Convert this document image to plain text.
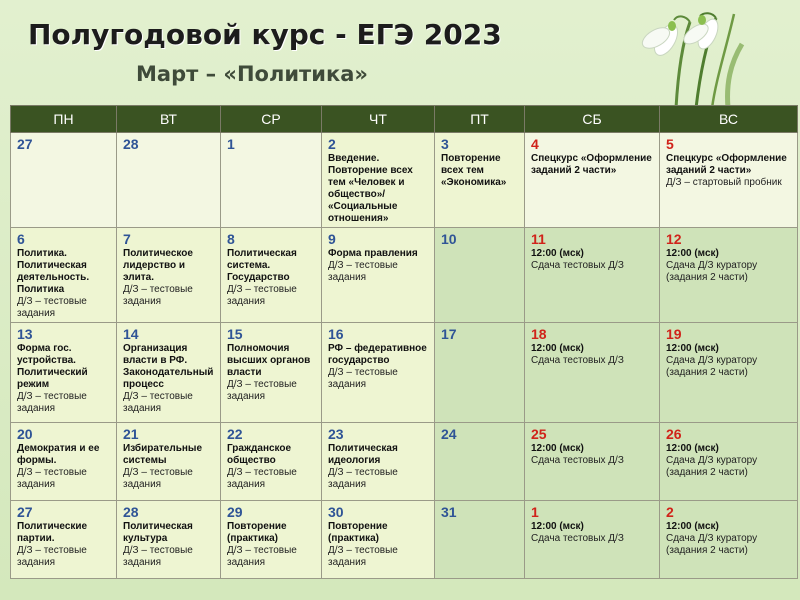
Полугодовой курс - ЕГЭ 2023
Март – «Политика»
ПН	ВТ	СР	ЧТ	ПТ	СБ	ВС

27	28	1	2
Введение. Повторение всех тем «Человек и общество»/ «Социальные отношения»	3
Повторение всех тем «Экономика»	4
Спецкурс «Оформление заданий 2 части»	5
Спецкурс «Оформление заданий 2 части»
Д/З – стартовый пробник

6
Политика. Политическая деятельность. Политика
Д/З – тестовые задания	7
Политическое лидерство и элита.
Д/З – тестовые задания	8
Политическая система. Государство
Д/З – тестовые задания	9
Форма правления
Д/З – тестовые задания	10	11
12:00 (мск)
Сдача тестовых Д/З	12
12:00 (мск)
Сдача Д/З куратору (задания 2 части)

13
Форма гос. устройства. Политический режим
Д/З – тестовые задания	14
Организация власти в РФ. Законодательный процесс
Д/З – тестовые задания	15
Полномочия высших органов власти
Д/З – тестовые задания	16
РФ – федеративное государство
Д/З – тестовые задания	17	18
12:00 (мск)
Сдача тестовых Д/З	19
12:00 (мск)
Сдача Д/З куратору (задания 2 части)

20
Демократия и ее формы.
Д/З – тестовые задания	21
Избирательные системы
Д/З – тестовые задания	22
Гражданское общество
Д/З – тестовые задания	23
Политическая идеология
Д/З – тестовые задания	24	25
12:00 (мск)
Сдача тестовых Д/З	26
12:00 (мск)
Сдача Д/З куратору (задания 2 части)

27
Политические партии.
Д/З – тестовые задания	28
Политическая культура
Д/З – тестовые задания	29
Повторение (практика)
Д/З – тестовые задания	30
Повторение (практика)
Д/З – тестовые задания	31	1
12:00 (мск)
Сдача тестовых Д/З	2
12:00 (мск)
Сдача Д/З куратору (задания 2 части)
